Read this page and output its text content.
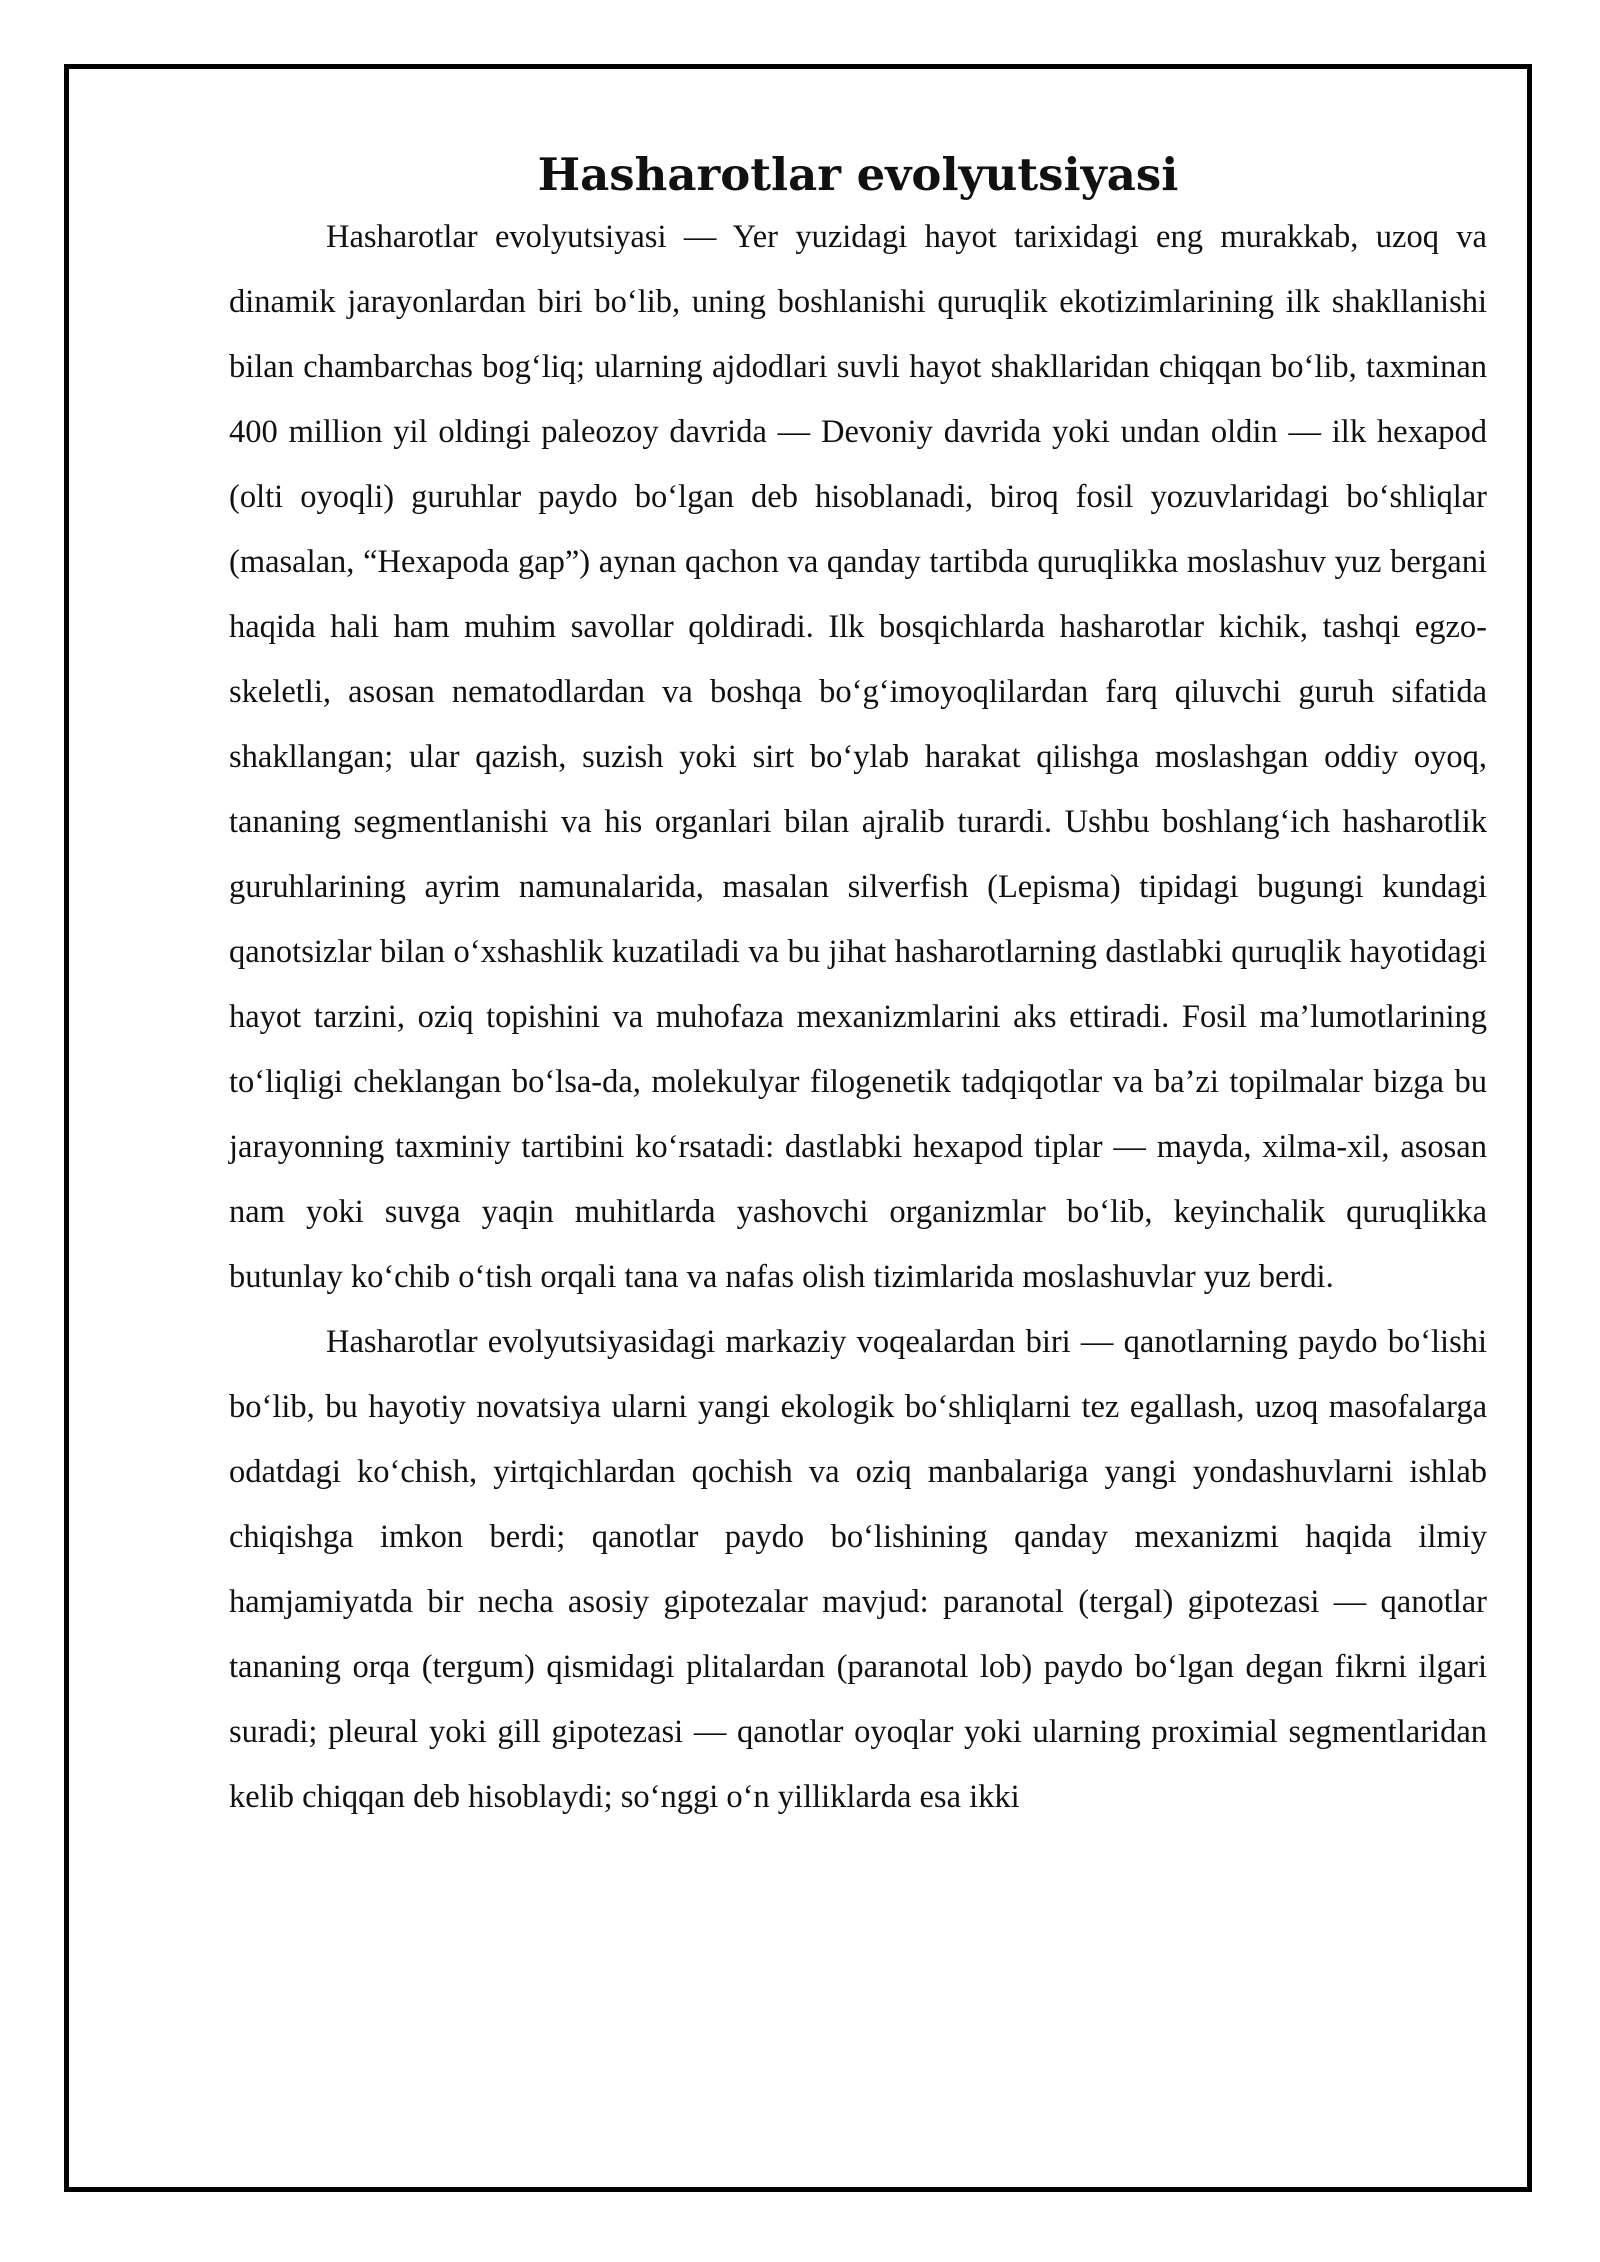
Hasharotlar evolyutsiyasi

Hasharotlar evolyutsiyasi — Yer yuzidagi hayot tarixidagi eng murakkab, uzoq va dinamik jarayonlardan biri bo‘lib, uning boshlanishi quruqlik ekotizimlarining ilk shakllanishi bilan chambarchas bog‘liq; ularning ajdodlari suvli hayot shakllaridan chiqqan bo‘lib, taxminan 400 million yil oldingi paleozoy davrida — Devoniy davrida yoki undan oldin — ilk hexapod (olti oyoqli) guruhlar paydo bo‘lgan deb hisoblanadi, biroq fosil yozuvlaridagi bo‘shliqlar (masalan, “Hexapoda gap”) aynan qachon va qanday tartibda quruqlikka moslashuv yuz bergani haqida hali ham muhim savollar qoldiradi. Ilk bosqichlarda hasharotlar kichik, tashqi egzo-skeletli, asosan nematodlardan va boshqa bo‘g‘imoyoqlilardan farq qiluvchi guruh sifatida shakllangan; ular qazish, suzish yoki sirt bo‘ylab harakat qilishga moslashgan oddiy oyoq, tananing segmentlanishi va his organlari bilan ajralib turardi. Ushbu boshlang‘ich hasharotlik guruhlarining ayrim namunalarida, masalan silverfish (Lepisma) tipidagi bugungi kundagi qanotsizlar bilan o‘xshashlik kuzatiladi va bu jihat hasharotlarning dastlabki quruqlik hayotidagi hayot tarzini, oziq topishini va muhofaza mexanizmlarini aks ettiradi. Fosil ma’lumotlarining to‘liqligi cheklangan bo‘lsa-da, molekulyar filogenetik tadqiqotlar va ba’zi topilmalar bizga bu jarayonning taxminiy tartibini ko‘rsatadi: dastlabki hexapod tiplar — mayda, xilma-xil, asosan nam yoki suvga yaqin muhitlarda yashovchi organizmlar bo‘lib, keyinchalik quruqlikka butunlay ko‘chib o‘tish orqali tana va nafas olish tizimlarida moslashuvlar yuz berdi.

Hasharotlar evolyutsiyasidagi markaziy voqealardan biri — qanotlarning paydo bo‘lishi bo‘lib, bu hayotiy novatsiya ularni yangi ekologik bo‘shliqlarni tez egallash, uzoq masofalarga odatdagi ko‘chish, yirtqichlardan qochish va oziq manbalariga yangi yondashuvlarni ishlab chiqishga imkon berdi; qanotlar paydo bo‘lishining qanday mexanizmi haqida ilmiy hamjamiyatda bir necha asosiy gipotezalar mavjud: paranotal (tergal) gipotezasi — qanotlar tananing orqa (tergum) qismidagi plitalardan (paranotal lob) paydo bo‘lgan degan fikrni ilgari suradi; pleural yoki gill gipotezasi — qanotlar oyoqlar yoki ularning proximial segmentlaridan kelib chiqqan deb hisoblaydi; so‘nggi o‘n yilliklarda esa ikki
